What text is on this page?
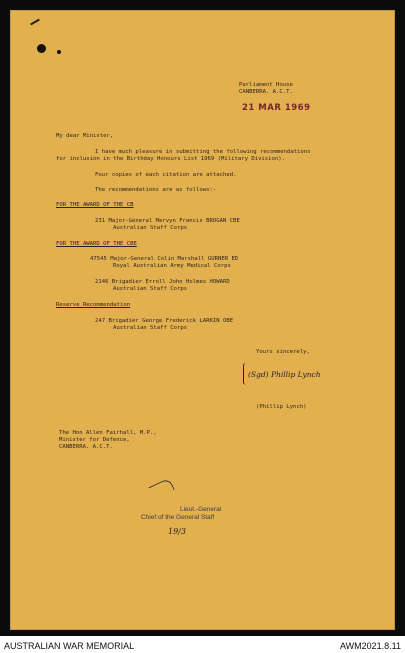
Parliament House
CANBERRA. A.C.T.
21 MAR 1969
My dear Minister,
I have much pleasure in submitting the following recommendations
for inclusion in the Birthday Honours List 1969 (Military Division).
Four copies of each citation are attached.
The recommendations are as follows:-
FOR THE AWARD OF THE CB
231 Major-General Mervyn Francis BROGAN CBE
Australian Staff Corps
FOR THE AWARD OF THE CBE
47545 Major-General Colin Marshall GURNER ED
Royal Australian Army Medical Corps
2146 Brigadier Erroll John Holmes HOWARD
Australian Staff Corps
Reserve Recommendation
247 Brigadier George Frederick LARKIN OBE
Australian Staff Corps
Yours sincerely,
(Sgd) Phillip Lynch
(Phillip Lynch)
The Hon Allen Fairhall, M.P.,
Minister for Defence,
CANBERRA. A.C.T.
Lieut.-General
Chief of the General Staff
19/3
AUSTRALIAN WAR MEMORIAL	AWM2021.8.11
